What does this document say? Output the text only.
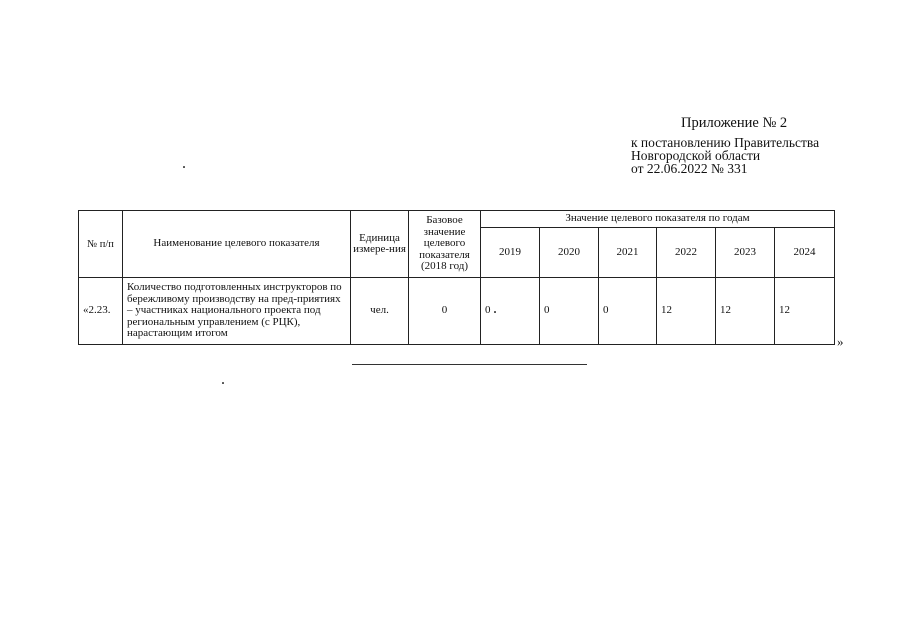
Приложение № 2
к постановлению Правительства
Новгородской области
от 22.06.2022 № 331
№ п/п	Наименование целевого показателя	Единица измере-ния	Базовое значение целевого показателя (2018 год)	Значение целевого показателя по годам					
				2019	2020	2021	2022	2023	2024
«2.23.	Количество подготовленных инструкторов по бережливому производству на пред-приятиях – участниках национального проекта под региональным управлением (с РЦК), нарастающим итогом	чел.	0	0	0	0	12	12	12
»
